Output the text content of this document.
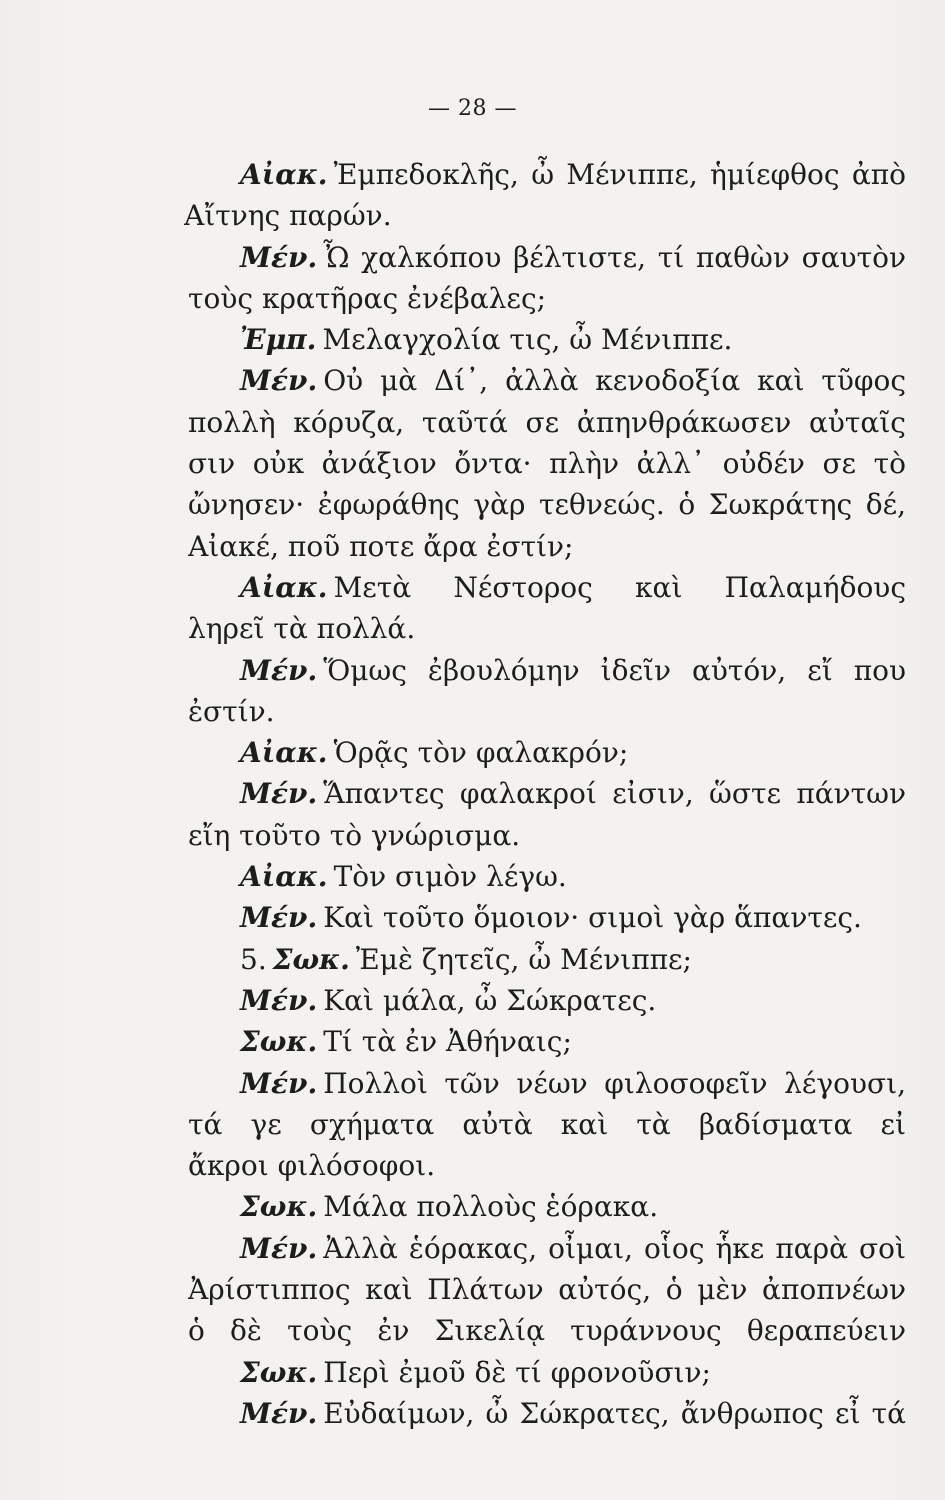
— 28 —
Αἰακ. Ἐμπεδοκλῆς, ὦ Μένιππε, ἡμίεφθος ἀπὸ
Αἴτνης παρών.
Μέν. Ὦ χαλκόπου βέλτιστε, τί παθὼν σαυτὸν
τοὺς κρατῆρας ἐνέβαλες;
Ἐμπ. Μελαγχολία τις, ὦ Μένιππε.
Μέν. Οὐ μὰ Δί᾽, ἀλλὰ κενοδοξία καὶ τῦφος
πολλὴ κόρυζα, ταῦτά σε ἀπηνθράκωσεν αὐταῖς
σιν οὐκ ἀνάξιον ὄντα· πλὴν ἀλλ᾽ οὐδέν σε τὸ
ὤνησεν· ἐφωράθης γὰρ τεθνεώς. ὁ Σωκράτης δέ,
Αἰακέ, ποῦ ποτε ἄρα ἐστίν;
Αἰακ. Μετὰ Νέστορος καὶ Παλαμήδους
ληρεῖ τὰ πολλά.
Μέν. Ὅμως ἐβουλόμην ἰδεῖν αὐτόν, εἴ που
ἐστίν.
Αἰακ. Ὁρᾷς τὸν φαλακρόν;
Μέν. Ἅπαντες φαλακροί εἰσιν, ὥστε πάντων
εἴη τοῦτο τὸ γνώρισμα.
Αἰακ. Τὸν σιμὸν λέγω.
Μέν. Καὶ τοῦτο ὅμοιον· σιμοὶ γὰρ ἅπαντες.
5. Σωκ. Ἐμὲ ζητεῖς, ὦ Μένιππε;
Μέν. Καὶ μάλα, ὦ Σώκρατες.
Σωκ. Τί τὰ ἐν Ἀθήναις;
Μέν. Πολλοὶ τῶν νέων φιλοσοφεῖν λέγουσι,
τά γε σχήματα αὐτὰ καὶ τὰ βαδίσματα εἰ
ἄκροι φιλόσοφοι.
Σωκ. Μάλα πολλοὺς ἑόρακα.
Μέν. Ἀλλὰ ἑόρακας, οἶμαι, οἷος ἧκε παρὰ σοὶ
Ἀρίστιππος καὶ Πλάτων αὐτός, ὁ μὲν ἀποπνέων
ὁ δὲ τοὺς ἐν Σικελίᾳ τυράννους θεραπεύειν
Σωκ. Περὶ ἐμοῦ δὲ τί φρονοῦσιν;
Μέν. Εὐδαίμων, ὦ Σώκρατες, ἄνθρωπος εἶ τά
